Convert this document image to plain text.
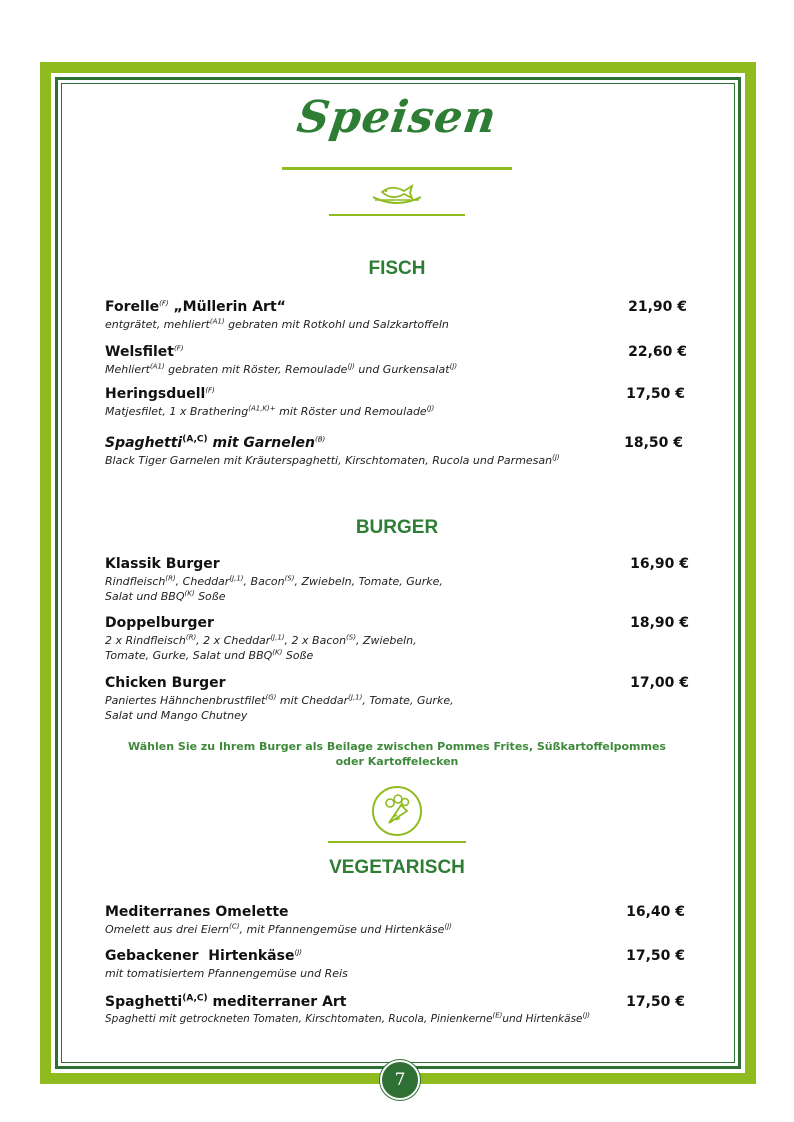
Speisen
FISCH
Forelle$^{(F)}$ „Müllerin Art“
entgrätet, mehliert$^{(A1)}$ gebraten mit Rotkohl und Salzkartoffeln
21,90 €
Welsfilet$^{(F)}$
Mehliert$^{(A1)}$ gebraten mit Röster, Remoulade$^{(J)}$ und Gurkensalat$^{(J)}$
22,60 €
Heringsduell$^{(F)}$
Matjesfilet, 1 x Brathering$^{(A1,K)+}$ mit Röster und Remoulade$^{(J)}$
17,50 €
Spaghetti$^{(A,C)}$ mit Garnelen$^{(B)}$
Black Tiger Garnelen mit Kräuterspaghetti, Kirschtomaten, Rucola und Parmesan$^{(J)}$
18,50 €
BURGER
Klassik Burger
Rindfleisch$^{(R)}$, Cheddar$^{(J,1)}$, Bacon$^{(S)}$, Zwiebeln, Tomate, Gurke,
Salat und $BBQ^{(K)}$ Soße
16,90 €
Doppelburger
2 x Rindfleisch$^{(R)}$, 2 x Cheddar$^{(J,1)}$, 2 x Bacon$^{(S)}$, Zwiebeln,
Tomate, Gurke, Salat und $BBQ^{(K)}$ Soße
18,90 €
Chicken Burger
Paniertes Hähnchenbrustfilet$^{(G)}$ mit Cheddar$^{(J,1)}$, Tomate, Gurke,
Salat und Mango Chutney
17,00 €
Wählen Sie zu Ihrem Burger als Beilage zwischen Pommes Frites, Süßkartoffelpommes
oder Kartoffelecken
VEGETARISCH
Mediterranes Omelette
Omelett aus drei Eiern$^{(C)}$, mit Pfannengemüse und Hirtenkäse$^{(J)}$
16,40 €
Gebackener  Hirtenkäse$^{(J)}$
mit tomatisiertem Pfannengemüse und Reis
17,50 €
Spaghetti$^{(A,C)}$ mediterraner Art
Spaghetti mit getrockneten Tomaten, Kirschtomaten, Rucola, Pinienkerne$^{(E)}$und Hirtenkäse$^{(J)}$
17,50 €
7
